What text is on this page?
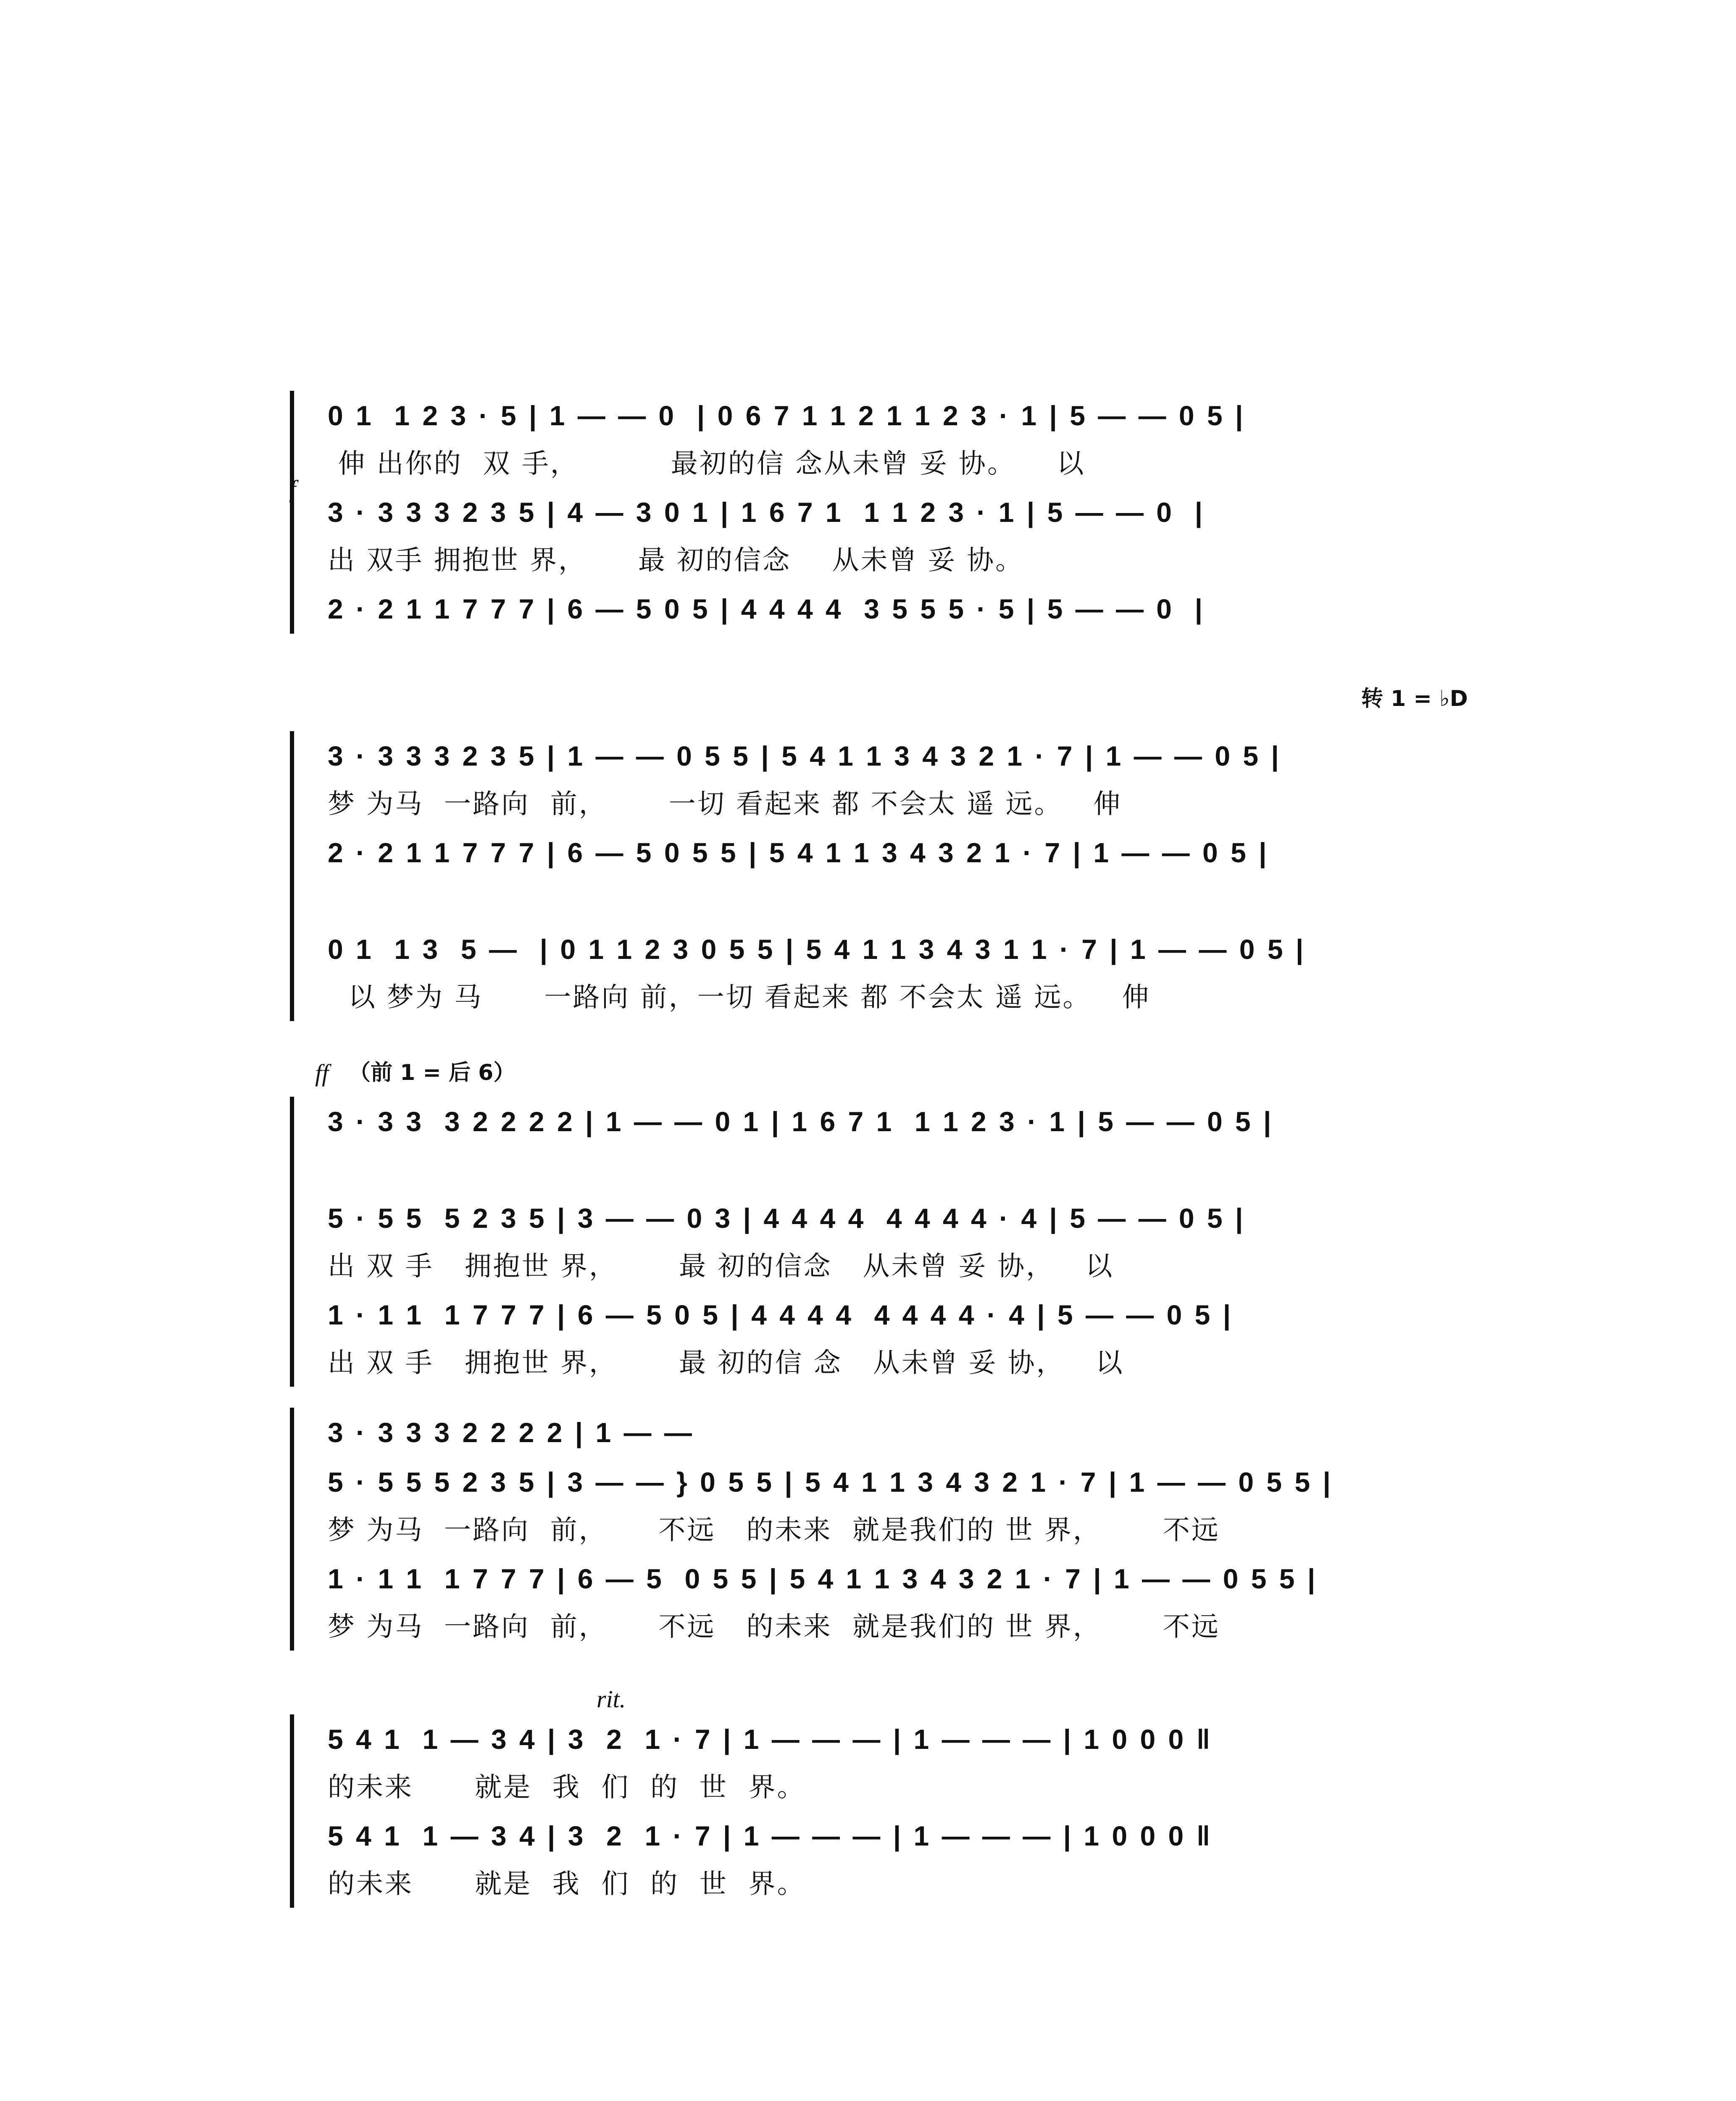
0 1  1 2 3 · 5 | 1 — — 0  | 0 6 7 1 1 2 1 1 2 3 · 1 | 5 — — 0 5 |
伸 出你的  双 手，         最初的信 念从未曾 妥 协。    以
3 · 3 3 3 2 3 5 | 4 — 3 0 1 | 1 6 7 1  1 1 2 3 · 1 | 5 — — 0  |
出 双手 拥抱世 界，     最 初的信念    从未曾 妥 协。
2 · 2 1 1 7 7 7 | 6 — 5 0 5 | 4 4 4 4  3 5 5 5 · 5 | 5 — — 0  |
f
转 1 = ♭D
3 · 3 3 3 2 3 5 | 1 — — 0 5 5 | 5 4 1 1 3 4 3 2 1 · 7 | 1 — — 0 5 |
梦 为马  一路向  前，      一切 看起来 都 不会太 遥 远。   伸
2 · 2 1 1 7 7 7 | 6 — 5 0 5 5 | 5 4 1 1 3 4 3 2 1 · 7 | 1 — — 0 5 |
0 1  1 3  5 —  | 0 1 1 2 3 0 5 5 | 5 4 1 1 3 4 3 1 1 · 7 | 1 — — 0 5 |
以 梦为 马      一路向 前，一切 看起来 都 不会太 遥 远。   伸
ff （前 1 = 后 6）
3 · 3 3  3 2 2 2 2 | 1 — — 0 1 | 1 6 7 1  1 1 2 3 · 1 | 5 — — 0 5 |
5 · 5 5  5 2 3 5 | 3 — — 0 3 | 4 4 4 4  4 4 4 4 · 4 | 5 — — 0 5 |
出 双 手   拥抱世 界，      最 初的信念   从未曾 妥 协，   以
1 · 1 1  1 7 7 7 | 6 — 5 0 5 | 4 4 4 4  4 4 4 4 · 4 | 5 — — 0 5 |
出 双 手   拥抱世 界，      最 初的信 念   从未曾 妥 协，   以
3 · 3 3 3 2 2 2 2 | 1 — —
5 · 5 5 5 2 3 5 | 3 — — } 0 5 5 | 5 4 1 1 3 4 3 2 1 · 7 | 1 — — 0 5 5 |
梦 为马  一路向  前，     不远   的未来  就是我们的 世 界，      不远
1 · 1 1  1 7 7 7 | 6 — 5  0 5 5 | 5 4 1 1 3 4 3 2 1 · 7 | 1 — — 0 5 5 |
梦 为马  一路向  前，     不远   的未来  就是我们的 世 界，      不远
rit.
5 4 1  1 — 3 4 | 3  2  1 · 7 | 1 — — — | 1 — — — | 1 0 0 0 ‖
的未来      就是  我  们  的  世  界。
5 4 1  1 — 3 4 | 3  2  1 · 7 | 1 — — — | 1 — — — | 1 0 0 0 ‖
的未来      就是  我  们  的  世  界。
